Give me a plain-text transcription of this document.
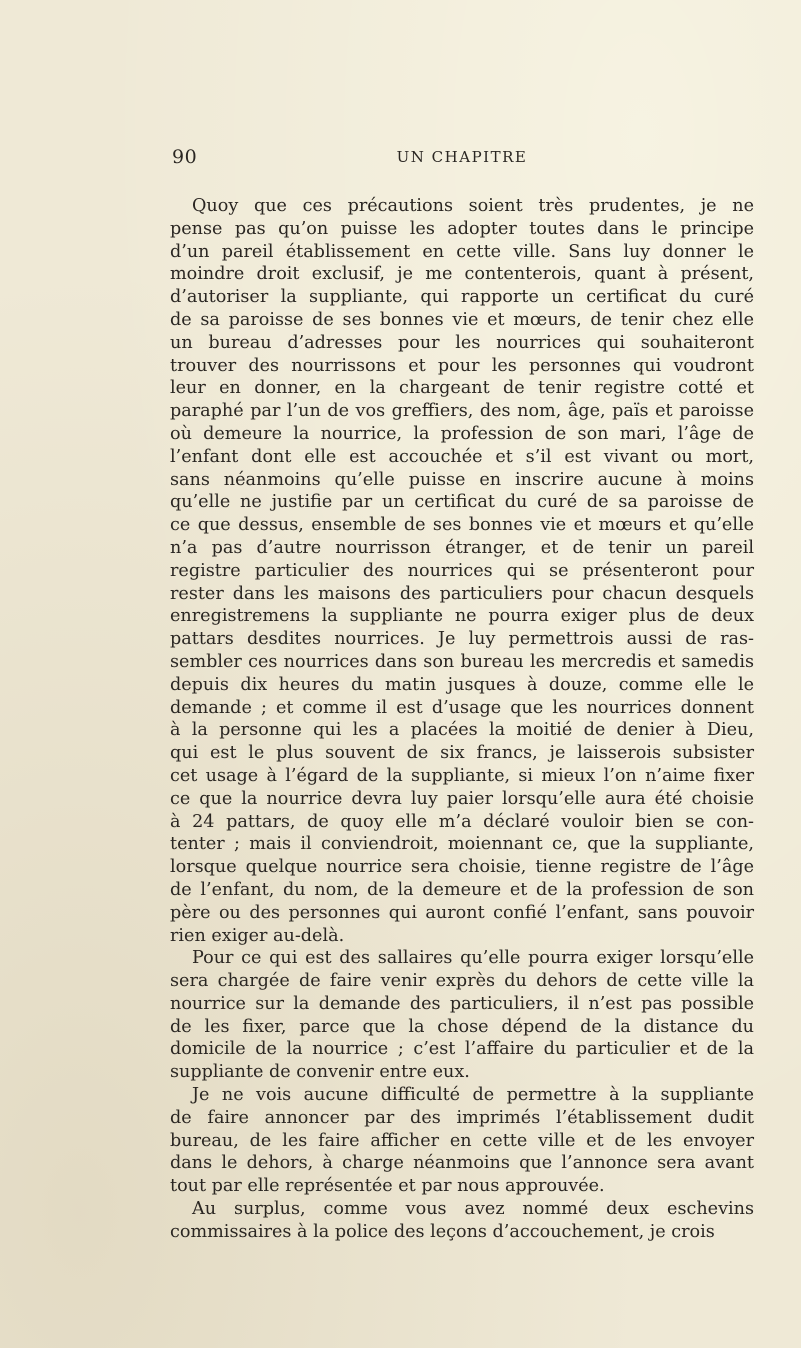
90	UN CHAPITRE
Quoy que ces précautions soient très prudentes, je ne
pense pas qu’on puisse les adopter toutes dans le principe
d’un pareil établissement en cette ville. Sans luy donner le
moindre droit exclusif, je me contenterois, quant à présent,
d’autoriser la suppliante, qui rapporte un certificat du curé
de sa paroisse de ses bonnes vie et mœurs, de tenir chez elle
un bureau d’adresses pour les nourrices qui souhaiteront
trouver des nourrissons et pour les personnes qui voudront
leur en donner, en la chargeant de tenir registre cotté et
paraphé par l’un de vos greffiers, des nom, âge, païs et paroisse
où demeure la nourrice, la profession de son mari, l’âge de
l’enfant dont elle est accouchée et s’il est vivant ou mort,
sans néanmoins qu’elle puisse en inscrire aucune à moins
qu’elle ne justifie par un certificat du curé de sa paroisse de
ce que dessus, ensemble de ses bonnes vie et mœurs et qu’elle
n’a pas d’autre nourrisson étranger, et de tenir un pareil
registre particulier des nourrices qui se présenteront pour
rester dans les maisons des particuliers pour chacun desquels
enregistremens la suppliante ne pourra exiger plus de deux
pattars desdites nourrices. Je luy permettrois aussi de ras-
sembler ces nourrices dans son bureau les mercredis et samedis
depuis dix heures du matin jusques à douze, comme elle le
demande ; et comme il est d’usage que les nourrices donnent
à la personne qui les a placées la moitié de denier à Dieu,
qui est le plus souvent de six francs, je laisserois subsister
cet usage à l’égard de la suppliante, si mieux l’on n’aime fixer
ce que la nourrice devra luy paier lorsqu’elle aura été choisie
à 24 pattars, de quoy elle m’a déclaré vouloir bien se con-
tenter ; mais il conviendroit, moiennant ce, que la suppliante,
lorsque quelque nourrice sera choisie, tienne registre de l’âge
de l’enfant, du nom, de la demeure et de la profession de son
père ou des personnes qui auront confié l’enfant, sans pouvoir
rien exiger au-delà.
Pour ce qui est des sallaires qu’elle pourra exiger lorsqu’elle
sera chargée de faire venir exprès du dehors de cette ville la
nourrice sur la demande des particuliers, il n’est pas possible
de les fixer, parce que la chose dépend de la distance du
domicile de la nourrice ; c’est l’affaire du particulier et de la
suppliante de convenir entre eux.
Je ne vois aucune difficulté de permettre à la suppliante
de faire annoncer par des imprimés l’établissement dudit
bureau, de les faire afficher en cette ville et de les envoyer
dans le dehors, à charge néanmoins que l’annonce sera avant
tout par elle représentée et par nous approuvée.
Au surplus, comme vous avez nommé deux eschevins
commissaires à la police des leçons d’accouchement, je crois
